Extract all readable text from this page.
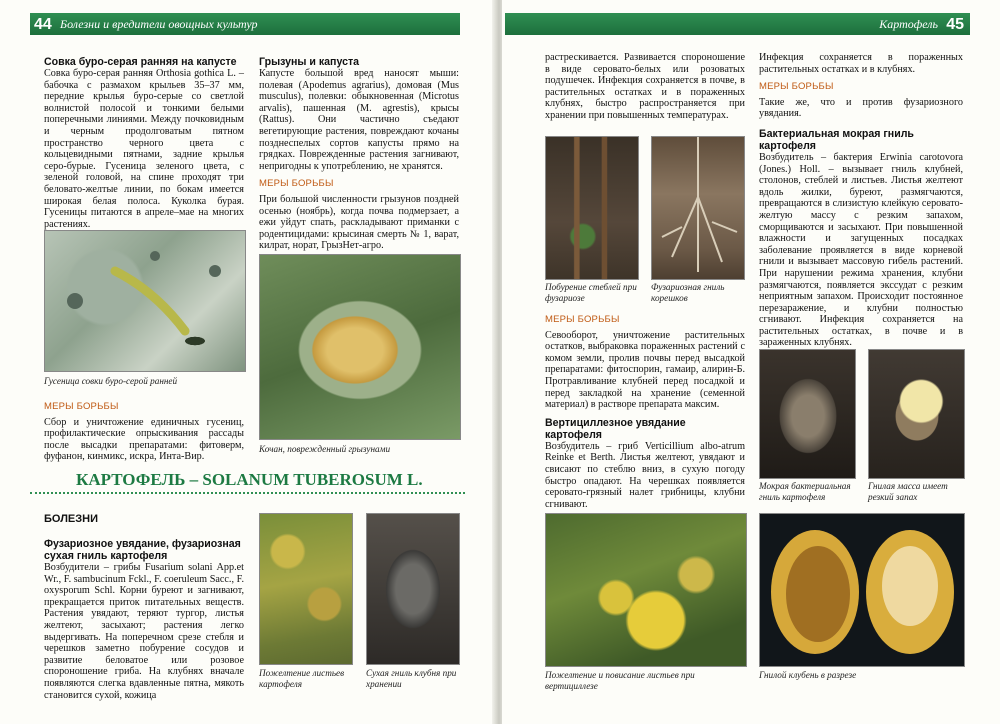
44 Болезни и вредители овощных культур
Совка буро-серая ранняя на капусте

Совка буро-серая ранняя Orthosia gothica L. – бабочка с размахом крыльев 35–37 мм, передние крылья буро-серые со светлой волнистой полосой и тонкими белыми поперечными линиями. Между почковидным и черным продолговатым пятном пространство черного цвета с кольцевидными пятнами, задние крылья серо-бурые. Гусеница зеленого цвета, с зеленой головой, на спине проходят три беловато-желтые линии, по бокам имеется широкая белая полоса. Куколка бурая. Гусеницы питаются в апреле–мае на многих растениях.

Гусеница совки буро-серой ранней
МЕРЫ БОРЬБЫ

Сбор и уничтожение единичных гусениц, профилактические опрыскивания рассады после высадки препаратами: фитоверм, фуфанон, кинмикс, искра, Инта-Вир.

Грызуны и капуста

Капусте большой вред наносят мыши: полевая (Apodemus agrarius), домовая (Mus musculus), полевки: обыкновенная (Microtus arvalis), пашенная (M. agrestis), крысы (Rattus). Они частично съедают вегетирующие растения, повреждают кочаны позднеспелых сортов капусты прямо на грядках. Поврежденные растения загнивают, непригодны к употреблению, не хранятся.

МЕРЫ БОРЬБЫ

При большой численности грызунов поздней осенью (ноябрь), когда почва подмерзает, а ежи уйдут спать, раскладывают приманки с родентицидами: крысиная смерть № 1, варат, килрат, норат, ГрызНет-агро.

Кочан, поврежденный грызунами
КАРТОФЕЛЬ – SOLANUM TUBEROSUM L.
БОЛЕЗНИ
Фузариозное увядание, фузариозная сухая гниль картофеля

Возбудители – грибы Fusarium solani App.et Wr., F. sambucinum Fckl., F. coeruleum Sacc., F. oxysporum Schl. Корни буреют и загнивают, прекращается приток питательных веществ. Растения увядают, теряют тургор, листья желтеют, засыхают; растения легко выдергивать. На поперечном срезе стебля и черешков заметно побурение сосудов и развитие беловатое или розовое спороношение гриба. На клубнях вначале появляются слегка вдавленные пятна, мякоть становится сухой, кожица

Пожелтение листьев картофеля
Сухая гниль клубня при хранении
Картофель 45

растрескивается. Развивается спороношение в виде серовато-белых или розоватых подушечек. Инфекция сохраняется в почве, в растительных остатках и в пораженных клубнях, быстро распространяется при хранении при повышенных температурах.

Побурение стеблей при фузариозе
Фузариозная гниль корешков
МЕРЫ БОРЬБЫ

Севооборот, уничтожение растительных остатков, выбраковка пораженных растений с комом земли, пролив почвы перед высадкой препаратами: фитоспорин, гамаир, алирин-Б. Протравливание клубней перед посадкой и перед закладкой на хранение (семенной материал) в растворе препарата максим.

Вертициллезное увядание картофеля

Возбудитель – гриб Verticillium albo-atrum Reinke et Berth. Листья желтеют, увядают и свисают по стеблю вниз, в сухую погоду быстро опадают. На черешках появляется серовато-грязный налет грибницы, клубни сгнивают.

Пожелтение и повисание листьев при вертициллезе

Инфекция сохраняется в пораженных растительных остатках и в клубнях.

МЕРЫ БОРЬБЫ

Такие же, что и против фузариозного увядания.

Бактериальная мокрая гниль картофеля

Возбудитель – бактерия Erwinia carotovora (Jones.) Holl. – вызывает гниль клубней, столонов, стеблей и листьев. Листья желтеют вдоль жилки, буреют, размягчаются, превращаются в слизистую клейкую серовато-желтую массу с резким запахом, сморщиваются и засыхают. При повышенной влажности и загущенных посадках заболевание проявляется в виде корневой гнили и вызывает массовую гибель растений. При нарушении режима хранения, клубни размягчаются, появляется экссудат с резким неприятным запахом. Происходит постоянное перезаражение, и клубни полностью сгнивают. Инфекция сохраняется на растительных остатках, в почве и в зараженных клубнях.

Мокрая бактериальная гниль картофеля
Гнилая масса имеет резкий запах
Гнилой клубень в разрезе
